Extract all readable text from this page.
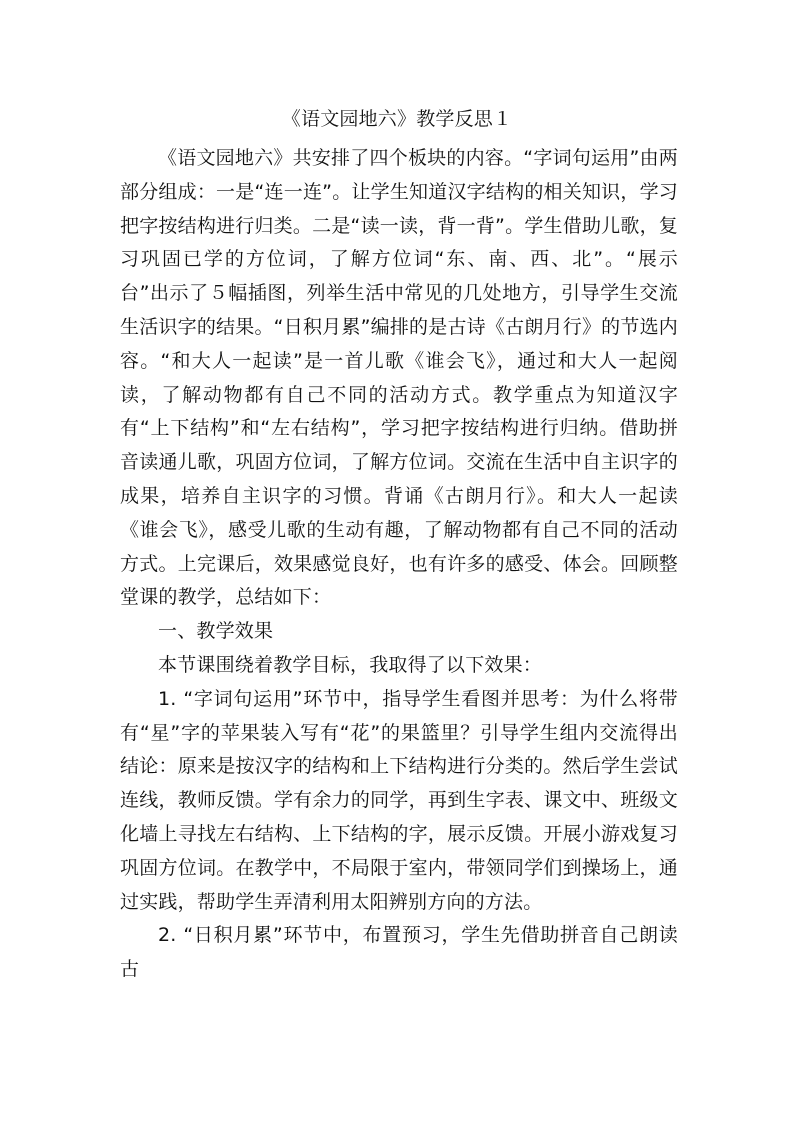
《语文园地六》教学反思１

《语文园地六》共安排了四个板块的内容。“字词句运用”由两部分组成：一是“连一连”。让学生知道汉字结构的相关知识，学习把字按结构进行归类。二是“读一读，背一背”。学生借助儿歌，复习巩固已学的方位词，了解方位词“东、南、西、北”。“展示台”出示了５幅插图，列举生活中常见的几处地方，引导学生交流生活识字的结果。“日积月累”编排的是古诗《古朗月行》的节选内容。“和大人一起读”是一首儿歌《谁会飞》，通过和大人一起阅读，了解动物都有自己不同的活动方式。教学重点为知道汉字有“上下结构”和“左右结构”，学习把字按结构进行归纳。借助拼音读通儿歌，巩固方位词，了解方位词。交流在生活中自主识字的成果，培养自主识字的习惯。背诵《古朗月行》。和大人一起读《谁会飞》，感受儿歌的生动有趣，了解动物都有自己不同的活动方式。上完课后，效果感觉良好，也有许多的感受、体会。回顾整堂课的教学，总结如下：

一、教学效果

本节课围绕着教学目标，我取得了以下效果：

1. “字词句运用”环节中，指导学生看图并思考：为什么将带有“星”字的苹果装入写有“花”的果篮里？引导学生组内交流得出结论：原来是按汉字的结构和上下结构进行分类的。然后学生尝试连线，教师反馈。学有余力的同学，再到生字表、课文中、班级文化墙上寻找左右结构、上下结构的字，展示反馈。开展小游戏复习巩固方位词。在教学中，不局限于室内，带领同学们到操场上，通过实践，帮助学生弄清利用太阳辨别方向的方法。

2. “日积月累”环节中，布置预习，学生先借助拼音自己朗读古
